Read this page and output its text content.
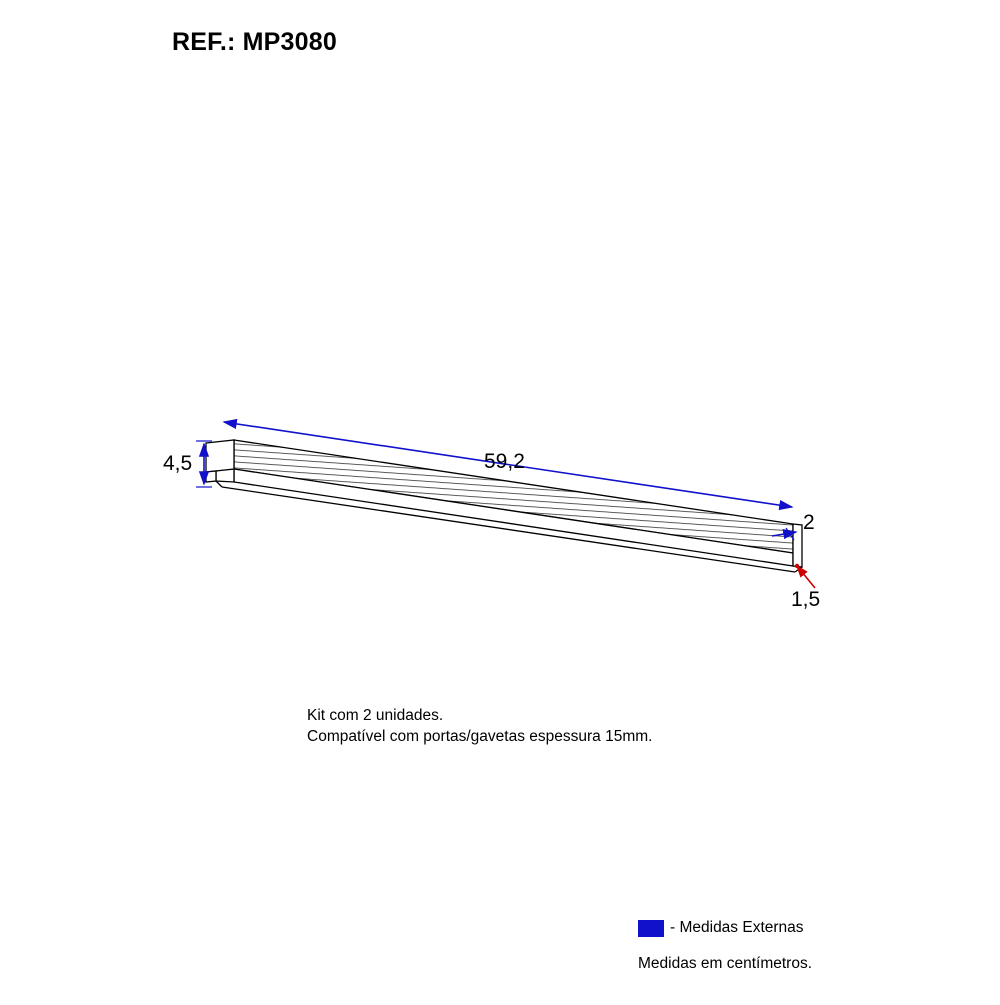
REF.: MP3080
4,5	59,2
2
1,5
Kit com 2 unidades.
Compatível com portas/gavetas espessura 15mm.
- Medidas Externas
Medidas em centímetros.
